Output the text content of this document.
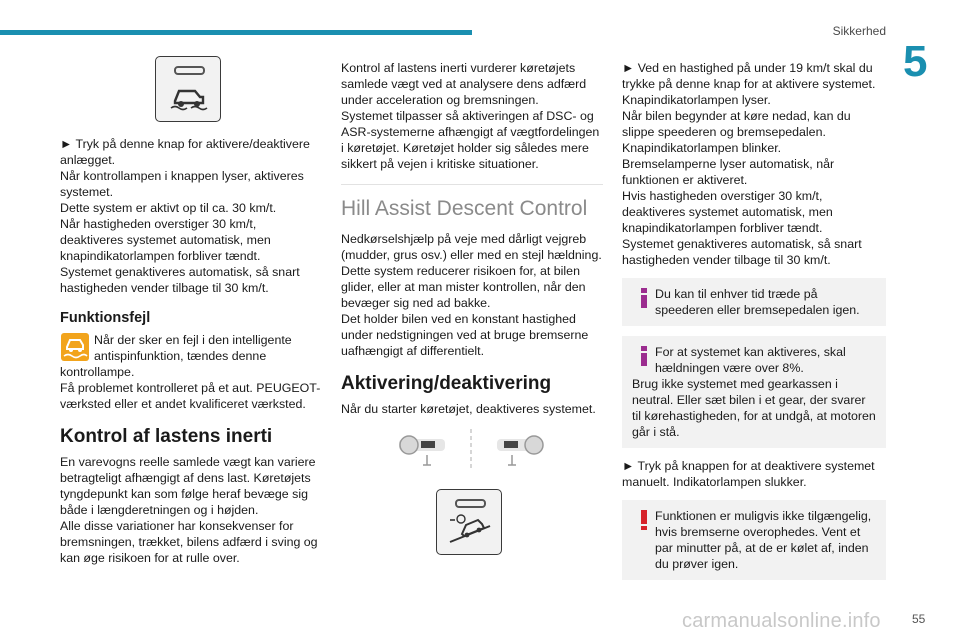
Sikkerhed
5

► Tryk på denne knap for aktivere/deaktivere anlægget.

Når kontrollampen i knappen lyser, aktiveres systemet.

Dette system er aktivt op til ca. 30 km/t.

Når hastigheden overstiger 30 km/t, deaktiveres systemet automatisk, men knapindikatorlampen forbliver tændt.

Systemet genaktiveres automatisk, så snart hastigheden vender tilbage til 30 km/t.

Funktionsfejl

Når der sker en fejl i den intelligente antispinfunktion, tændes denne kontrollampe.

Få problemet kontrolleret på et aut. PEUGEOT-værksted eller et andet kvalificeret værksted.

Kontrol af lastens inerti

En varevogns reelle samlede vægt kan variere betragteligt afhængigt af dens last. Køretøjets tyngdepunkt kan som følge heraf bevæge sig både i længderetningen og i højden.

Alle disse variationer har konsekvenser for bremsningen, trækket, bilens adfærd i sving og kan øge risikoen for at rulle over.

Kontrol af lastens inerti vurderer køretøjets samlede vægt ved at analysere dens adfærd under acceleration og bremsningen.

Systemet tilpasser så aktiveringen af DSC- og ASR-systemerne afhængigt af vægtfordelingen i køretøjet. Køretøjet holder sig således mere sikkert på vejen i kritiske situationer.

Hill Assist Descent Control

Nedkørselshjælp på veje med dårligt vejgreb (mudder, grus osv.) eller med en stejl hældning. Dette system reducerer risikoen for, at bilen glider, eller at man mister kontrollen, når den bevæger sig ned ad bakke.

Det holder bilen ved en konstant hastighed under nedstigningen ved at bruge bremserne uafhængigt af differentielt.

Aktivering/deaktivering

Når du starter køretøjet, deaktiveres systemet.

► Ved en hastighed på under 19 km/t skal du trykke på denne knap for at aktivere systemet.

Knapindikatorlampen lyser.

Når bilen begynder at køre nedad, kan du slippe speederen og bremsepedalen.

Knapindikatorlampen blinker.

Bremselamperne lyser automatisk, når funktionen er aktiveret.

Hvis hastigheden overstiger 30 km/t, deaktiveres systemet automatisk, men knapindikatorlampen forbliver tændt.

Systemet genaktiveres automatisk, så snart hastigheden vender tilbage til 30 km/t.

Du kan til enhver tid træde på speederen eller bremsepedalen igen.

For at systemet kan aktiveres, skal hældningen være over 8%.

Brug ikke systemet med gearkassen i neutral. Eller sæt bilen i et gear, der svarer til kørehastigheden, for at undgå, at motoren går i stå.

► Tryk på knappen for at deaktivere systemet manuelt. Indikatorlampen slukker.

Funktionen er muligvis ikke tilgængelig, hvis bremserne overophedes. Vent et par minutter på, at de er kølet af, inden du prøver igen.

carmanualsonline.info	55
